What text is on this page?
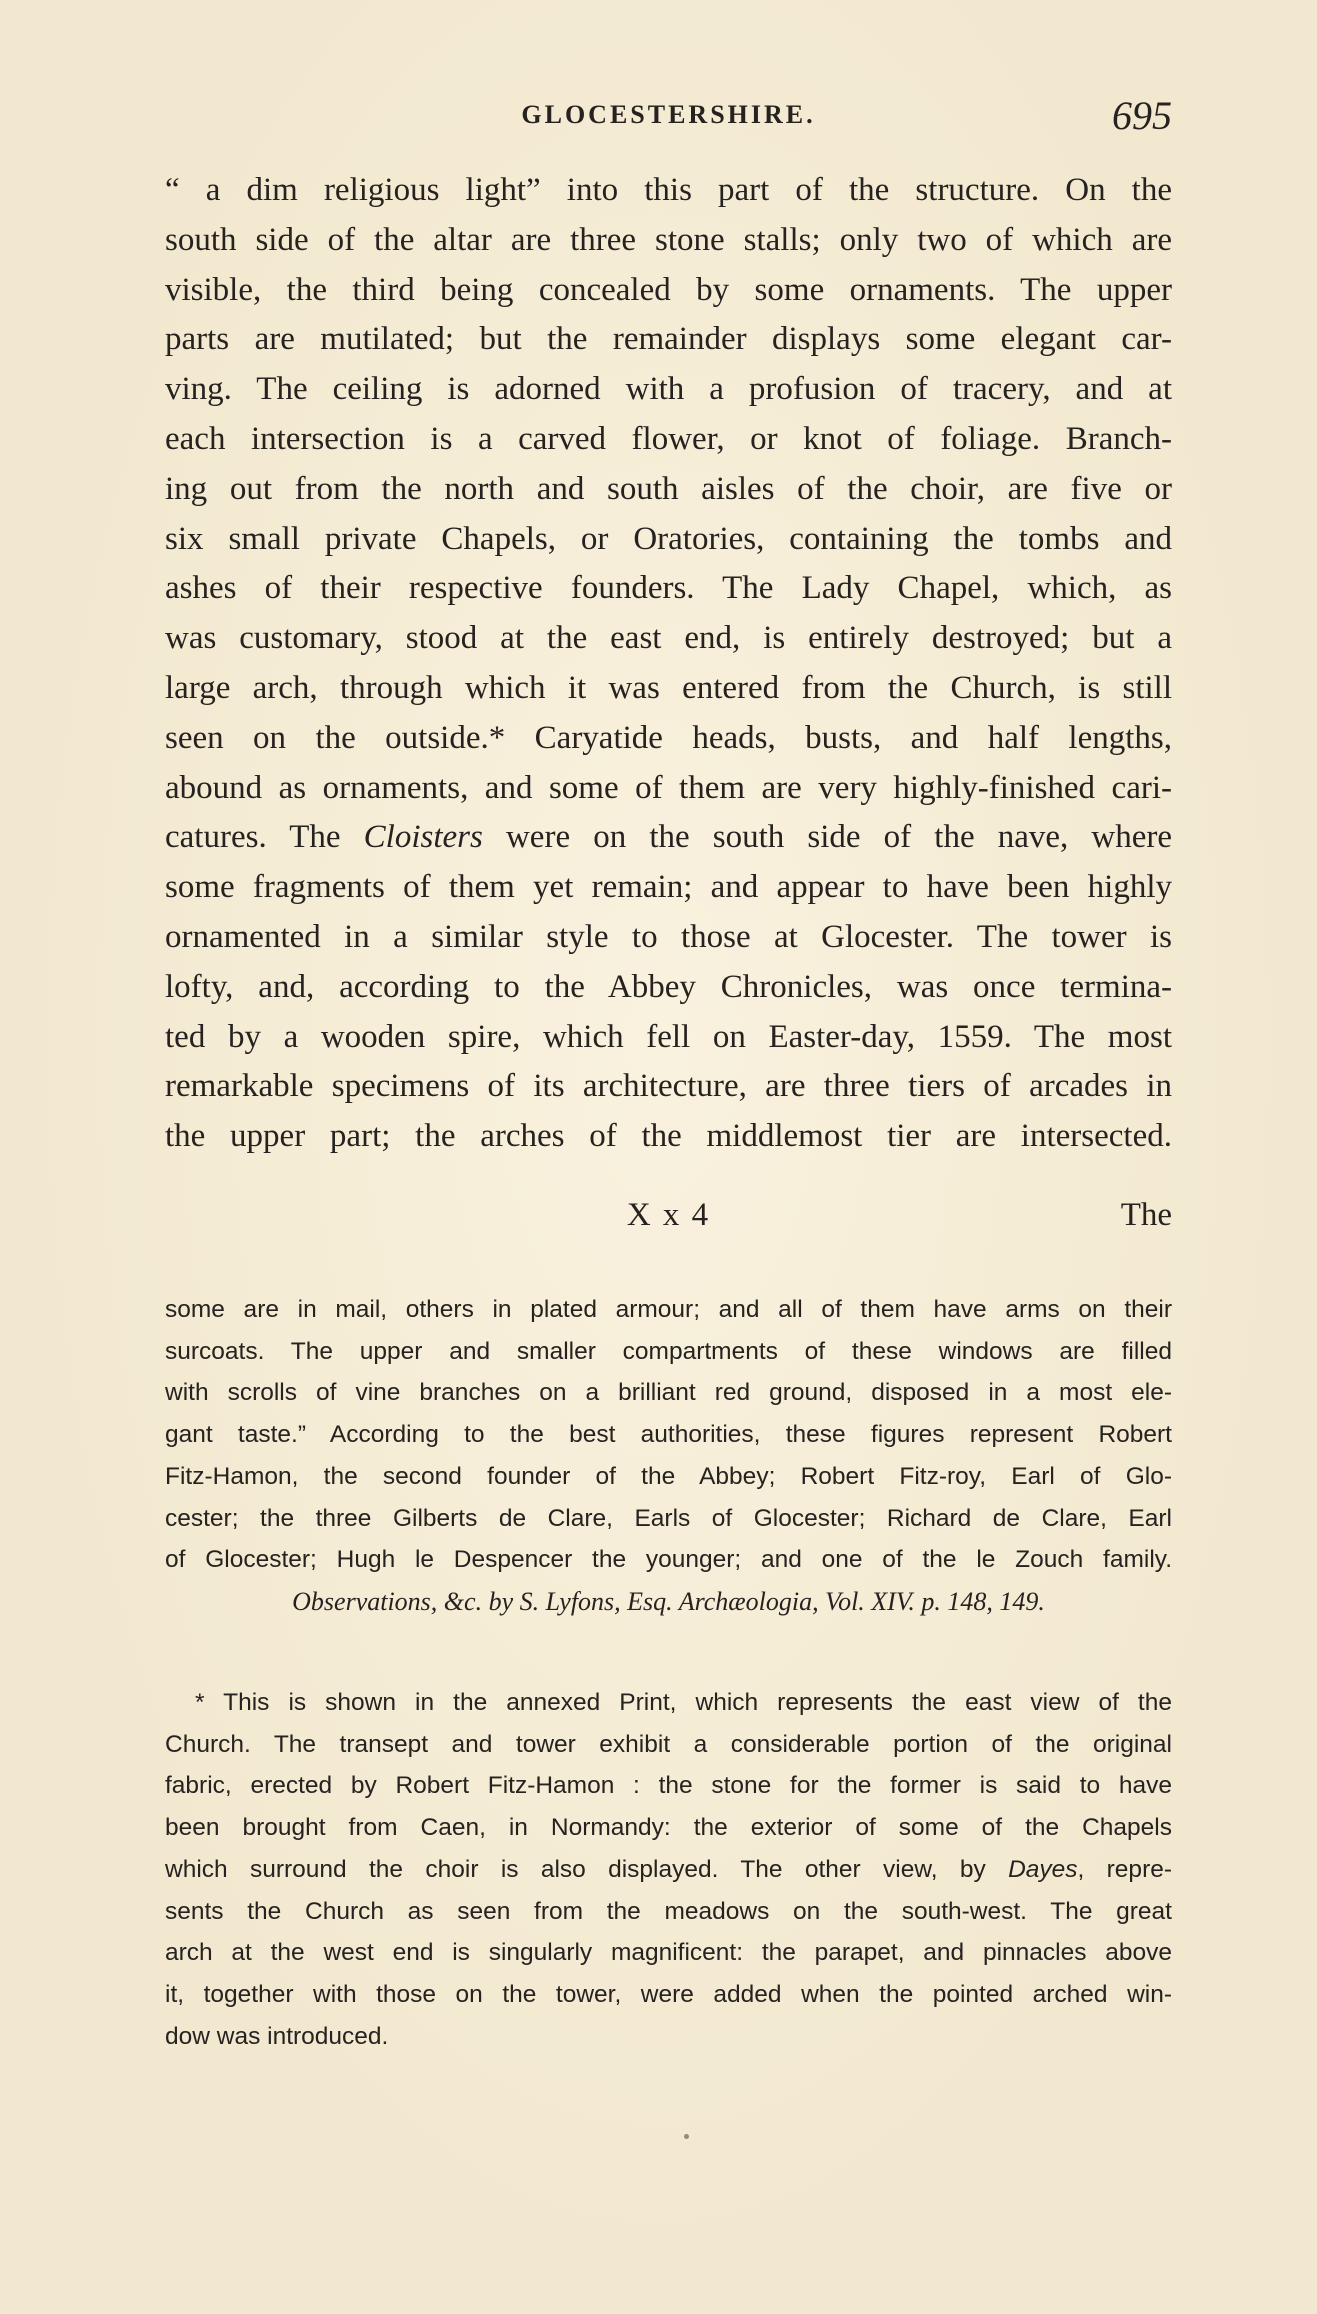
GLOCESTERSHIRE.	695
“ a dim religious light” into this part of the structure. On the
south side of the altar are three stone stalls; only two of which are
visible, the third being concealed by some ornaments. The upper
parts are mutilated; but the remainder displays some elegant car-
ving. The ceiling is adorned with a profusion of tracery, and at
each intersection is a carved flower, or knot of foliage. Branch-
ing out from the north and south aisles of the choir, are five or
six small private Chapels, or Oratories, containing the tombs and
ashes of their respective founders. The Lady Chapel, which, as
was customary, stood at the east end, is entirely destroyed; but a
large arch, through which it was entered from the Church, is still
seen on the outside.* Caryatide heads, busts, and half lengths,
abound as ornaments, and some of them are very highly-finished cari-
catures. The Cloisters were on the south side of the nave, where
some fragments of them yet remain; and appear to have been highly
ornamented in a similar style to those at Glocester. The tower is
lofty, and, according to the Abbey Chronicles, was once termina-
ted by a wooden spire, which fell on Easter-day, 1559. The most
remarkable specimens of its architecture, are three tiers of arcades in
the upper part; the arches of the middlemost tier are intersected.
X x 4	The
some are in mail, others in plated armour; and all of them have arms on their
surcoats. The upper and smaller compartments of these windows are filled
with scrolls of vine branches on a brilliant red ground, disposed in a most ele-
gant taste.” According to the best authorities, these figures represent Robert
Fitz-Hamon, the second founder of the Abbey; Robert Fitz-roy, Earl of Glo-
cester; the three Gilberts de Clare, Earls of Glocester; Richard de Clare, Earl
of Glocester; Hugh le Despencer the younger; and one of the le Zouch family.
Observations, &c. by S. Lyfons, Esq. Archæologia, Vol. XIV. p. 148, 149.
* This is shown in the annexed Print, which represents the east view of the
Church. The transept and tower exhibit a considerable portion of the original
fabric, erected by Robert Fitz-Hamon : the stone for the former is said to have
been brought from Caen, in Normandy: the exterior of some of the Chapels
which surround the choir is also displayed. The other view, by Dayes, repre-
sents the Church as seen from the meadows on the south-west. The great
arch at the west end is singularly magnificent: the parapet, and pinnacles above
it, together with those on the tower, were added when the pointed arched win-
dow was introduced.
